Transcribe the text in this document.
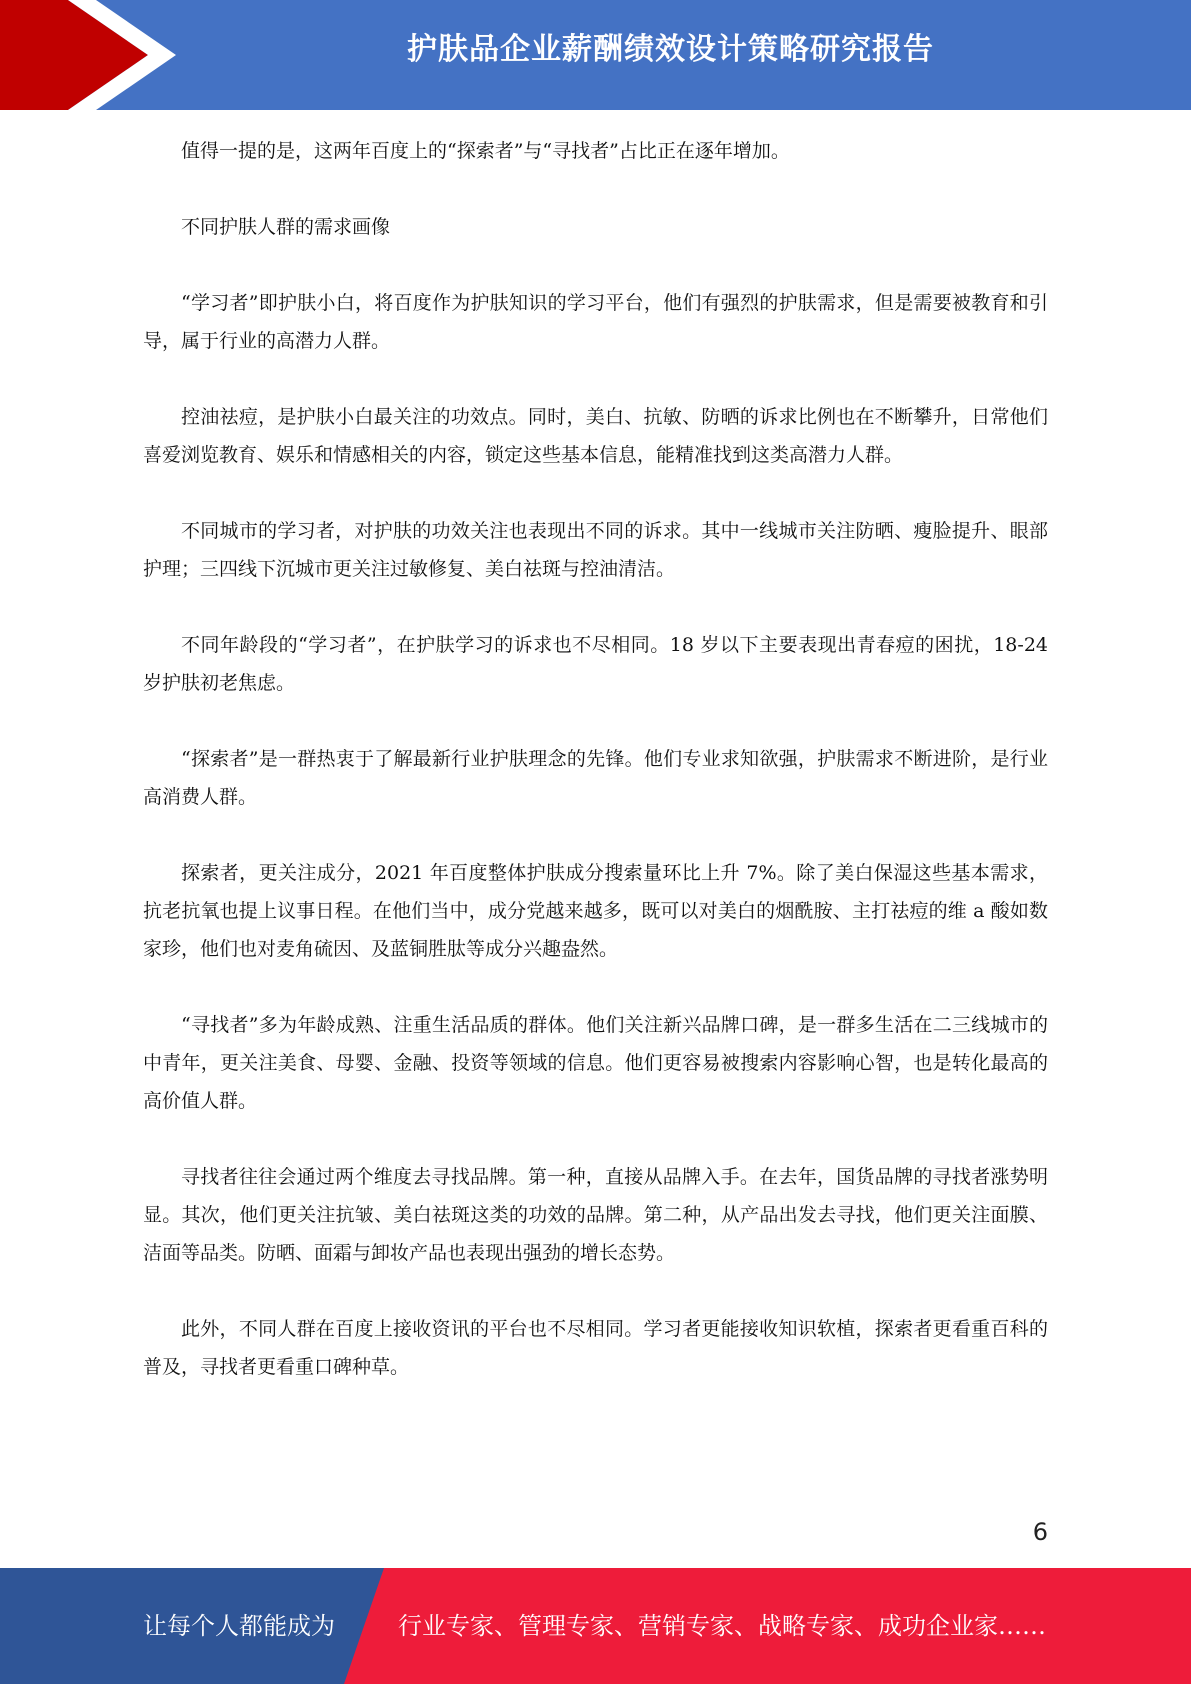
护肤品企业薪酬绩效设计策略研究报告

值得一提的是，这两年百度上的“探索者”与“寻找者”占比正在逐年增加。

不同护肤人群的需求画像

“学习者”即护肤小白，将百度作为护肤知识的学习平台，他们有强烈的护肤需求，但是需要被教育和引导，属于行业的高潜力人群。

控油祛痘，是护肤小白最关注的功效点。同时，美白、抗敏、防晒的诉求比例也在不断攀升，日常他们喜爱浏览教育、娱乐和情感相关的内容，锁定这些基本信息，能精准找到这类高潜力人群。

不同城市的学习者，对护肤的功效关注也表现出不同的诉求。其中一线城市关注防晒、瘦脸提升、眼部护理；三四线下沉城市更关注过敏修复、美白祛斑与控油清洁。

不同年龄段的“学习者”，在护肤学习的诉求也不尽相同。18 岁以下主要表现出青春痘的困扰，18-24 岁护肤初老焦虑。

“探索者”是一群热衷于了解最新行业护肤理念的先锋。他们专业求知欲强，护肤需求不断进阶，是行业高消费人群。

探索者，更关注成分，2021 年百度整体护肤成分搜索量环比上升 7%。除了美白保湿这些基本需求，抗老抗氧也提上议事日程。在他们当中，成分党越来越多，既可以对美白的烟酰胺、主打祛痘的维 a 酸如数家珍，他们也对麦角硫因、及蓝铜胜肽等成分兴趣盎然。

“寻找者”多为年龄成熟、注重生活品质的群体。他们关注新兴品牌口碑，是一群多生活在二三线城市的中青年，更关注美食、母婴、金融、投资等领域的信息。他们更容易被搜索内容影响心智，也是转化最高的高价值人群。

寻找者往往会通过两个维度去寻找品牌。第一种，直接从品牌入手。在去年，国货品牌的寻找者涨势明显。其次，他们更关注抗皱、美白祛斑这类的功效的品牌。第二种，从产品出发去寻找，他们更关注面膜、洁面等品类。防晒、面霜与卸妆产品也表现出强劲的增长态势。

此外，不同人群在百度上接收资讯的平台也不尽相同。学习者更能接收知识软植，探索者更看重百科的普及，寻找者更看重口碑种草。

6
让每个人都能成为	行业专家、管理专家、营销专家、战略专家、成功企业家……
